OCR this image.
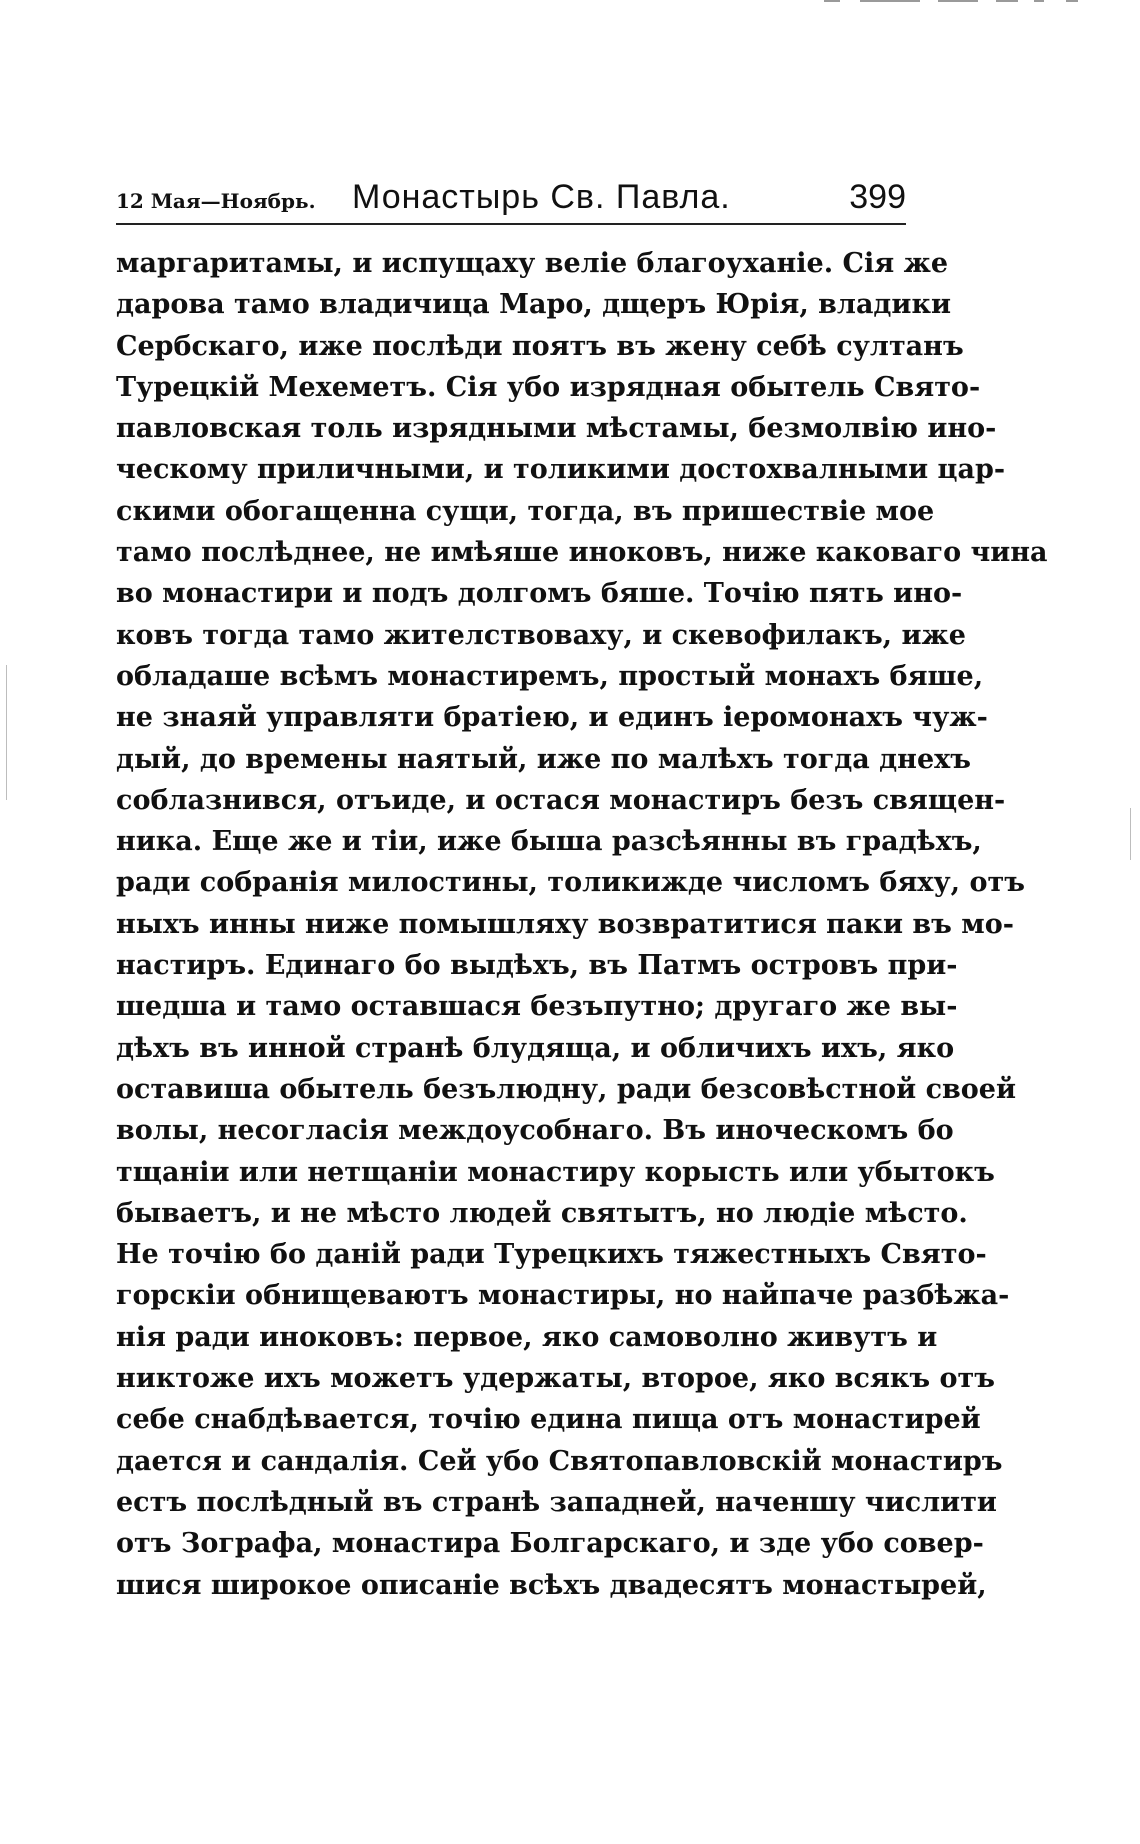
12 Мая—Ноябрь. Монастырь Св. Павла.	399
маргаритамы, и испущаху веліе благоуханіе. Сія же
дарова тамо владичица Маро, дщеръ Юрія, владики
Сербскаго, иже послѣди поятъ въ жену себѣ султанъ
Турецкій Мехеметъ. Сія убо изрядная обытель Свято-
павловская толь изрядными мѣстамы, безмолвію ино-
ческому приличными, и толикими достохвалными цар-
скими обогащенна сущи, тогда, въ пришествіе мое
тамо послѣднее, не имѣяше иноковъ, ниже каковаго чина
во монастири и подъ долгомъ бяше. Точію пять ино-
ковъ тогда тамо жителствоваху, и скевофилакъ, иже
обладаше всѣмъ монастиремъ, простый монахъ бяше,
не знаяй управляти братіею, и единъ іеромонахъ чуж-
дый, до времены наятый, иже по малѣхъ тогда днехъ
соблазнився, отъиде, и остася монастиръ безъ священ-
ника. Еще же и тіи, иже быша разсѣянны въ градѣхъ,
ради собранія милостины, толикижде числомъ бяху, отъ
ныхъ инны ниже помышляху возвратитися паки въ мо-
настиръ. Единаго бо выдѣхъ, въ Патмъ островъ при-
шедша и тамо оставшася безъпутно; другаго же вы-
дѣхъ въ инной странѣ блудяща, и обличихъ ихъ, яко
оставиша обытель безълюдну, ради безсовѣстной своей
волы, несогласія междоусобнаго. Въ иноческомъ бо
тщаніи или нетщаніи монастиру корысть или убытокъ
бываетъ, и не мѣсто людей святытъ, но людіе мѣсто.
Не точію бо даній ради Турецкихъ тяжестныхъ Свято-
горскіи обнищеваютъ монастиры, но найпаче разбѣжа-
нія ради иноковъ: первое, яко самоволно живутъ и
никтоже ихъ можетъ удержаты, второе, яко всякъ отъ
себе снабдѣвается, точію едина пища отъ монастирей
дается и сандалія. Сей убо Святопавловскій монастиръ
естъ послѣдный въ странѣ западней, наченшу числити
отъ Зографа, монастира Болгарскаго, и зде убо совер-
шися широкое описаніе всѣхъ двадесятъ монастырей,
